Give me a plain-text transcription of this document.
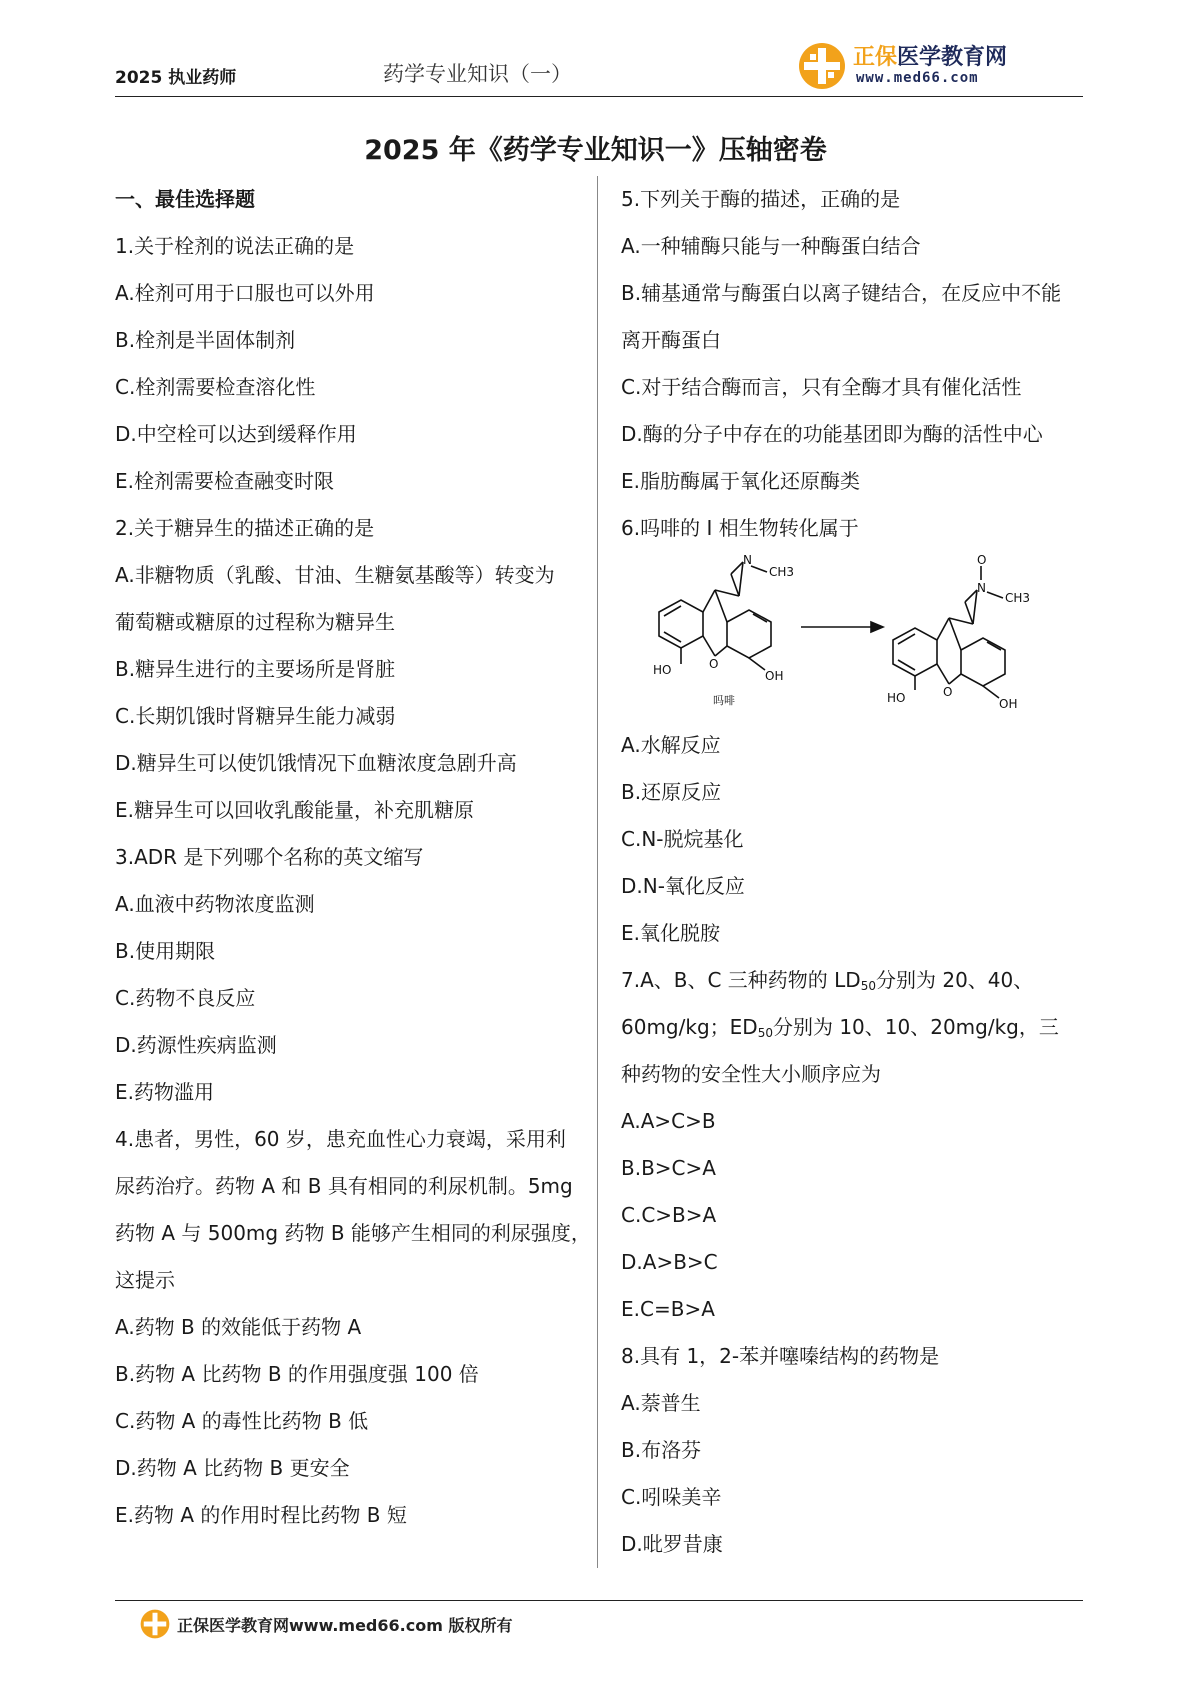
2025 执业药师	药学专业知识（一）
正保医学教育网
www.med66.com
2025 年《药学专业知识一》压轴密卷
一、最佳选择题
1.关于栓剂的说法正确的是
A.栓剂可用于口服也可以外用
B.栓剂是半固体制剂
C.栓剂需要检查溶化性
D.中空栓可以达到缓释作用
E.栓剂需要检查融变时限
2.关于糖异生的描述正确的是
A.非糖物质（乳酸、甘油、生糖氨基酸等）转变为
葡萄糖或糖原的过程称为糖异生
B.糖异生进行的主要场所是肾脏
C.长期饥饿时肾糖异生能力减弱
D.糖异生可以使饥饿情况下血糖浓度急剧升高
E.糖异生可以回收乳酸能量，补充肌糖原
3.ADR 是下列哪个名称的英文缩写
A.血液中药物浓度监测
B.使用期限
C.药物不良反应
D.药源性疾病监测
E.药物滥用
4.患者，男性，60 岁，患充血性心力衰竭，采用利
尿药治疗。药物 A 和 B 具有相同的利尿机制。5mg
药物 A 与 500mg 药物 B 能够产生相同的利尿强度，
这提示
A.药物 B 的效能低于药物 A
B.药物 A 比药物 B 的作用强度强 100 倍
C.药物 A 的毒性比药物 B 低
D.药物 A 比药物 B 更安全
E.药物 A 的作用时程比药物 B 短
5.下列关于酶的描述，正确的是
A.一种辅酶只能与一种酶蛋白结合
B.辅基通常与酶蛋白以离子键结合，在反应中不能
离开酶蛋白
C.对于结合酶而言，只有全酶才具有催化活性
D.酶的分子中存在的功能基团即为酶的活性中心
E.脂肪酶属于氧化还原酶类
6.吗啡的 I 相生物转化属于
N
CH3
HO	O
OH
吗啡
O
N
CH3
HO	O
OH
A.水解反应
B.还原反应
C.N-脱烷基化
D.N-氧化反应
E.氧化脱胺
7.A、B、C 三种药物的 $LD_{50}$分别为 20、40、
60mg/kg；$ED_{50}$分别为 10、10、20mg/kg，三
种药物的安全性大小顺序应为
A.A>C>B
B.B>C>A
C.C>B>A
D.A>B>C
E.C=B>A
8.具有 1，2-苯并噻嗪结构的药物是
A.萘普生
B.布洛芬
C.吲哚美辛
D.吡罗昔康
正保医学教育网www.med66.com 版权所有
